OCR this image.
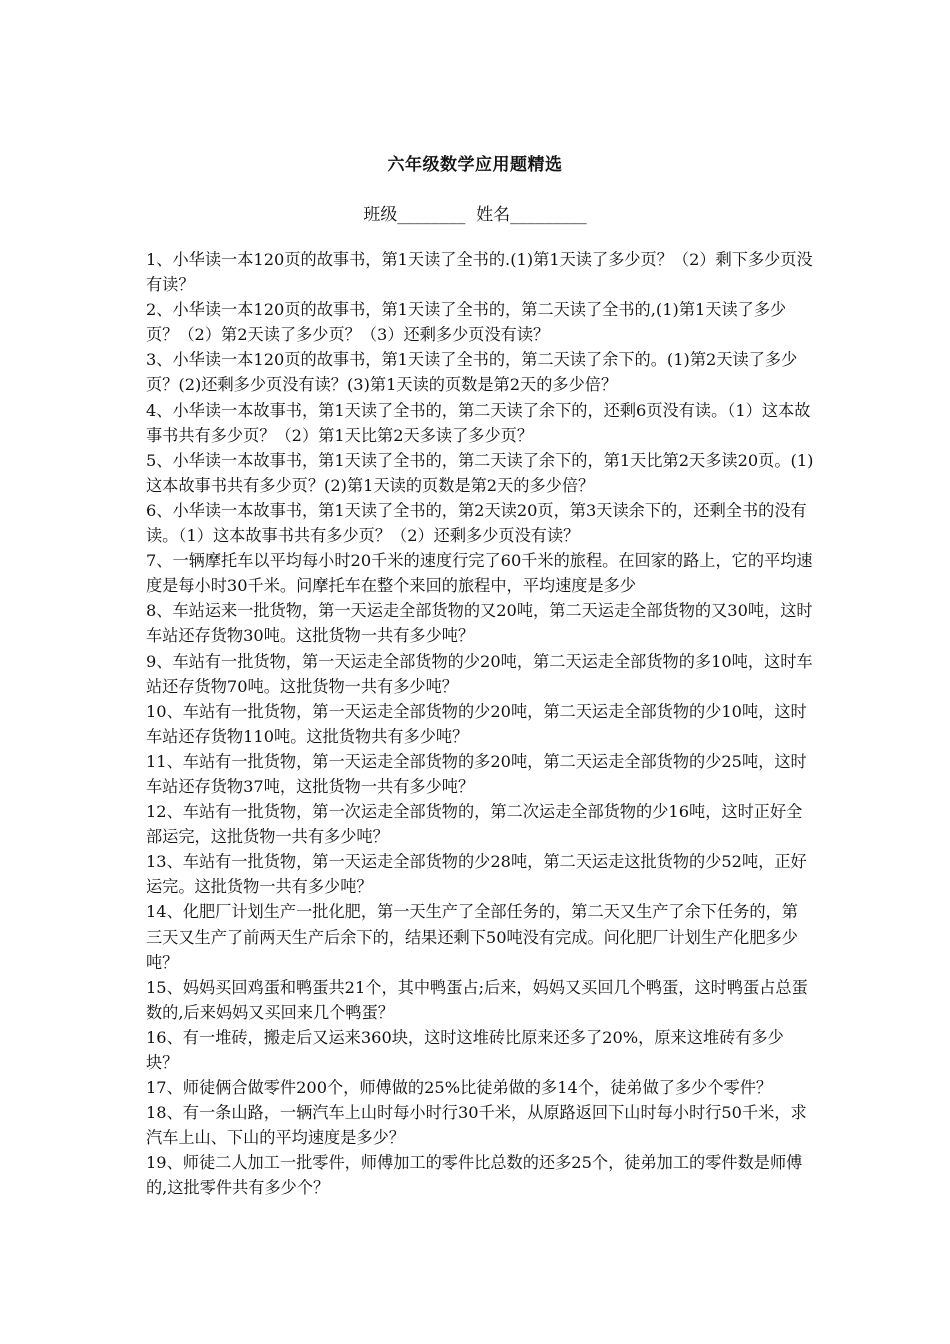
六年级数学应用题精选
班级________ 姓名_________

1、小华读一本120页的故事书，第1天读了全书的.(1)第1天读了多少页？（2）剩下多少页没有读？

2、小华读一本120页的故事书，第1天读了全书的，第二天读了全书的,(1)第1天读了多少页？（2）第2天读了多少页？（3）还剩多少页没有读？

3、小华读一本120页的故事书，第1天读了全书的，第二天读了余下的。(1)第2天读了多少页？(2)还剩多少页没有读？(3)第1天读的页数是第2天的多少倍？

4、小华读一本故事书，第1天读了全书的，第二天读了余下的，还剩6页没有读。（1）这本故事书共有多少页？（2）第1天比第2天多读了多少页？

5、小华读一本故事书，第1天读了全书的，第二天读了余下的，第1天比第2天多读20页。(1)这本故事书共有多少页？(2)第1天读的页数是第2天的多少倍？

6、小华读一本故事书，第1天读了全书的，第2天读20页，第3天读余下的，还剩全书的没有读。（1）这本故事书共有多少页？（2）还剩多少页没有读？

7、一辆摩托车以平均每小时20千米的速度行完了60千米的旅程。在回家的路上，它的平均速度是每小时30千米。问摩托车在整个来回的旅程中，平均速度是多少

8、车站运来一批货物，第一天运走全部货物的又20吨，第二天运走全部货物的又30吨，这时车站还存货物30吨。这批货物一共有多少吨？

9、车站有一批货物，第一天运走全部货物的少20吨，第二天运走全部货物的多10吨，这时车站还存货物70吨。这批货物一共有多少吨？

10、车站有一批货物，第一天运走全部货物的少20吨，第二天运走全部货物的少10吨，这时车站还存货物110吨。这批货物共有多少吨？

11、车站有一批货物，第一天运走全部货物的多20吨，第二天运走全部货物的少25吨，这时车站还存货物37吨，这批货物一共有多少吨？

12、车站有一批货物，第一次运走全部货物的，第二次运走全部货物的少16吨，这时正好全部运完，这批货物一共有多少吨？

13、车站有一批货物，第一天运走全部货物的少28吨，第二天运走这批货物的少52吨，正好运完。这批货物一共有多少吨？

14、化肥厂计划生产一批化肥，第一天生产了全部任务的，第二天又生产了余下任务的，第三天又生产了前两天生产后余下的，结果还剩下50吨没有完成。问化肥厂计划生产化肥多少吨？

15、妈妈买回鸡蛋和鸭蛋共21个，其中鸭蛋占;后来，妈妈又买回几个鸭蛋，这时鸭蛋占总蛋数的,后来妈妈又买回来几个鸭蛋？

16、有一堆砖，搬走后又运来360块，这时这堆砖比原来还多了20%，原来这堆砖有多少块？

17、师徒俩合做零件200个，师傅做的25%比徒弟做的多14个，徒弟做了多少个零件？

18、有一条山路，一辆汽车上山时每小时行30千米，从原路返回下山时每小时行50千米，求汽车上山、下山的平均速度是多少？

19、师徒二人加工一批零件，师傅加工的零件比总数的还多25个，徒弟加工的零件数是师傅的,这批零件共有多少个？
